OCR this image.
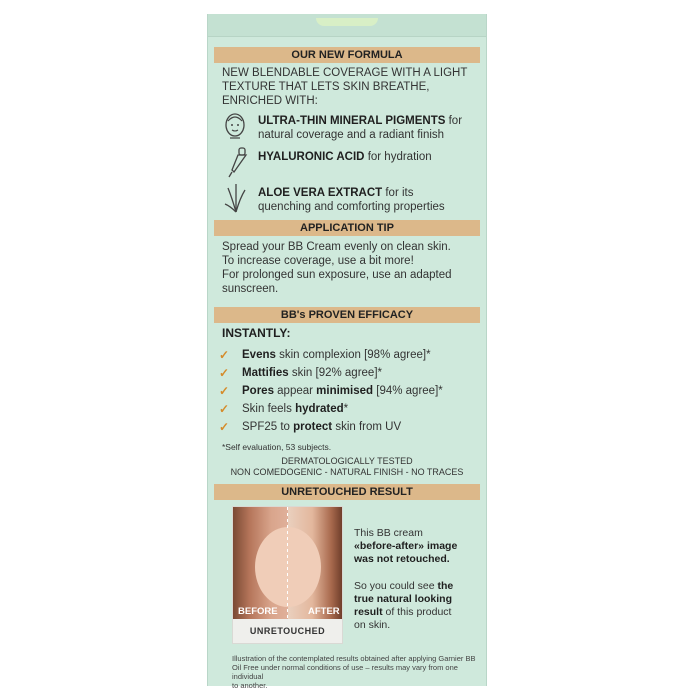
OUR NEW FORMULA
NEW BLENDABLE COVERAGE WITH A LIGHT
TEXTURE THAT LETS SKIN BREATHE,
ENRICHED WITH:
ULTRA-THIN MINERAL PIGMENTS for
natural coverage and a radiant finish
HYALURONIC ACID for hydration
ALOE VERA EXTRACT for its
quenching and comforting properties
APPLICATION TIP
Spread your BB Cream evenly on clean skin.
To increase coverage, use a bit more!
For prolonged sun exposure, use an adapted
sunscreen.
BB's PROVEN EFFICACY
INSTANTLY:
Evens skin complexion [98% agree]*
Mattifies skin [92% agree]*
Pores appear minimised [94% agree]*
Skin feels hydrated*
SPF25 to protect skin from UV
*Self evaluation, 53 subjects.
DERMATOLOGICALLY TESTED
NON COMEDOGENIC - NATURAL FINISH - NO TRACES
UNRETOUCHED RESULT
BEFORE	AFTER
UNRETOUCHED
This BB cream
«before-after» image
was not retouched.
So you could see the
true natural looking
result of this product
on skin.
Illustration of the contemplated results obtained after applying Garnier BB
Oil Free under normal conditions of use – results may vary from one individual
to another.
✓
✓
✓
✓
✓
